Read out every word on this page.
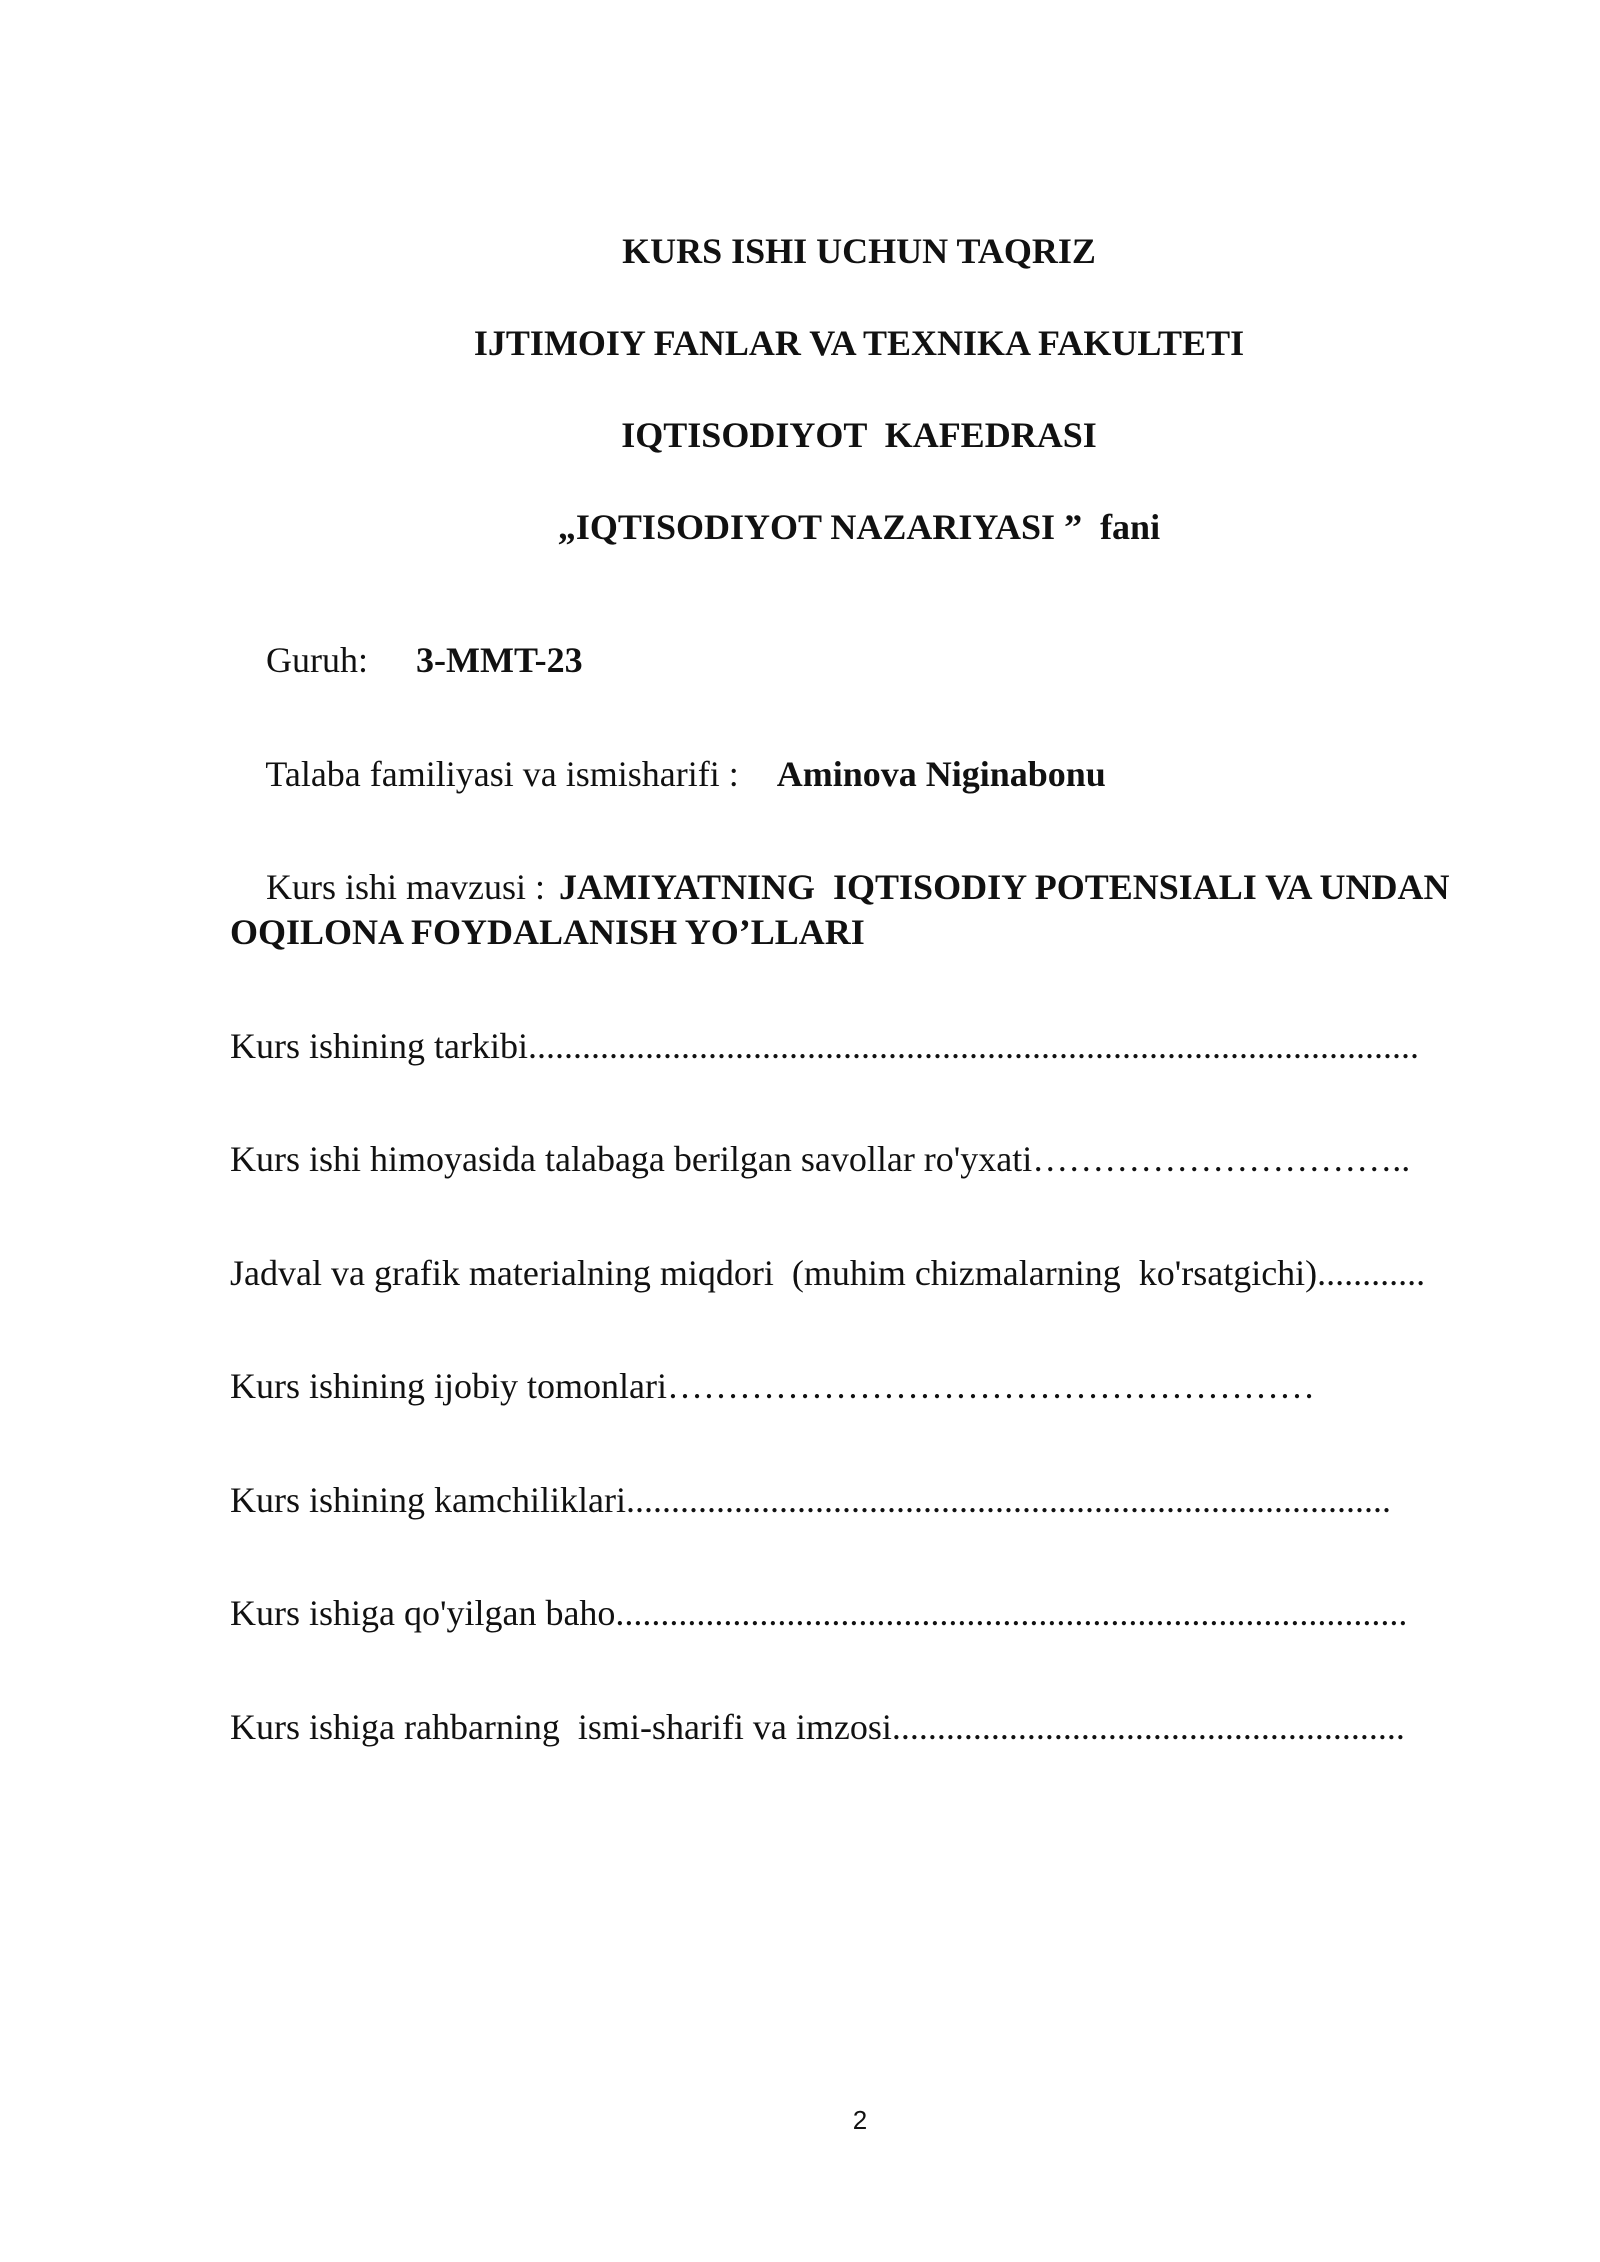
KURS ISHI UCHUN TAQRIZ
IJTIMOIY FANLAR VA TEXNIKA FAKULTETI
IQTISODIYOT  KAFEDRASI
„IQTISODIYOT NAZARIYASI ”  fani

Guruh: 3-MMT-23

Talaba familiyasi va ismisharifi : Aminova Niginabonu

Kurs ishi mavzusi : JAMIYATNING  IQTISODIY POTENSIALI VA UNDAN

OQILONA FOYDALANISH YO’LLARI
Kurs ishining tarkibi...................................................................................................
Kurs ishi himoyasida talabaga berilgan savollar ro'yxati…………………………..
Jadval va grafik materialning miqdori  (muhim chizmalarning  ko'rsatgichi)............
Kurs ishining ijobiy tomonlari………………………………………………
Kurs ishining kamchiliklari.....................................................................................
Kurs ishiga qo'yilgan baho........................................................................................
Kurs ishiga rahbarning  ismi-sharifi va imzosi.........................................................
2
